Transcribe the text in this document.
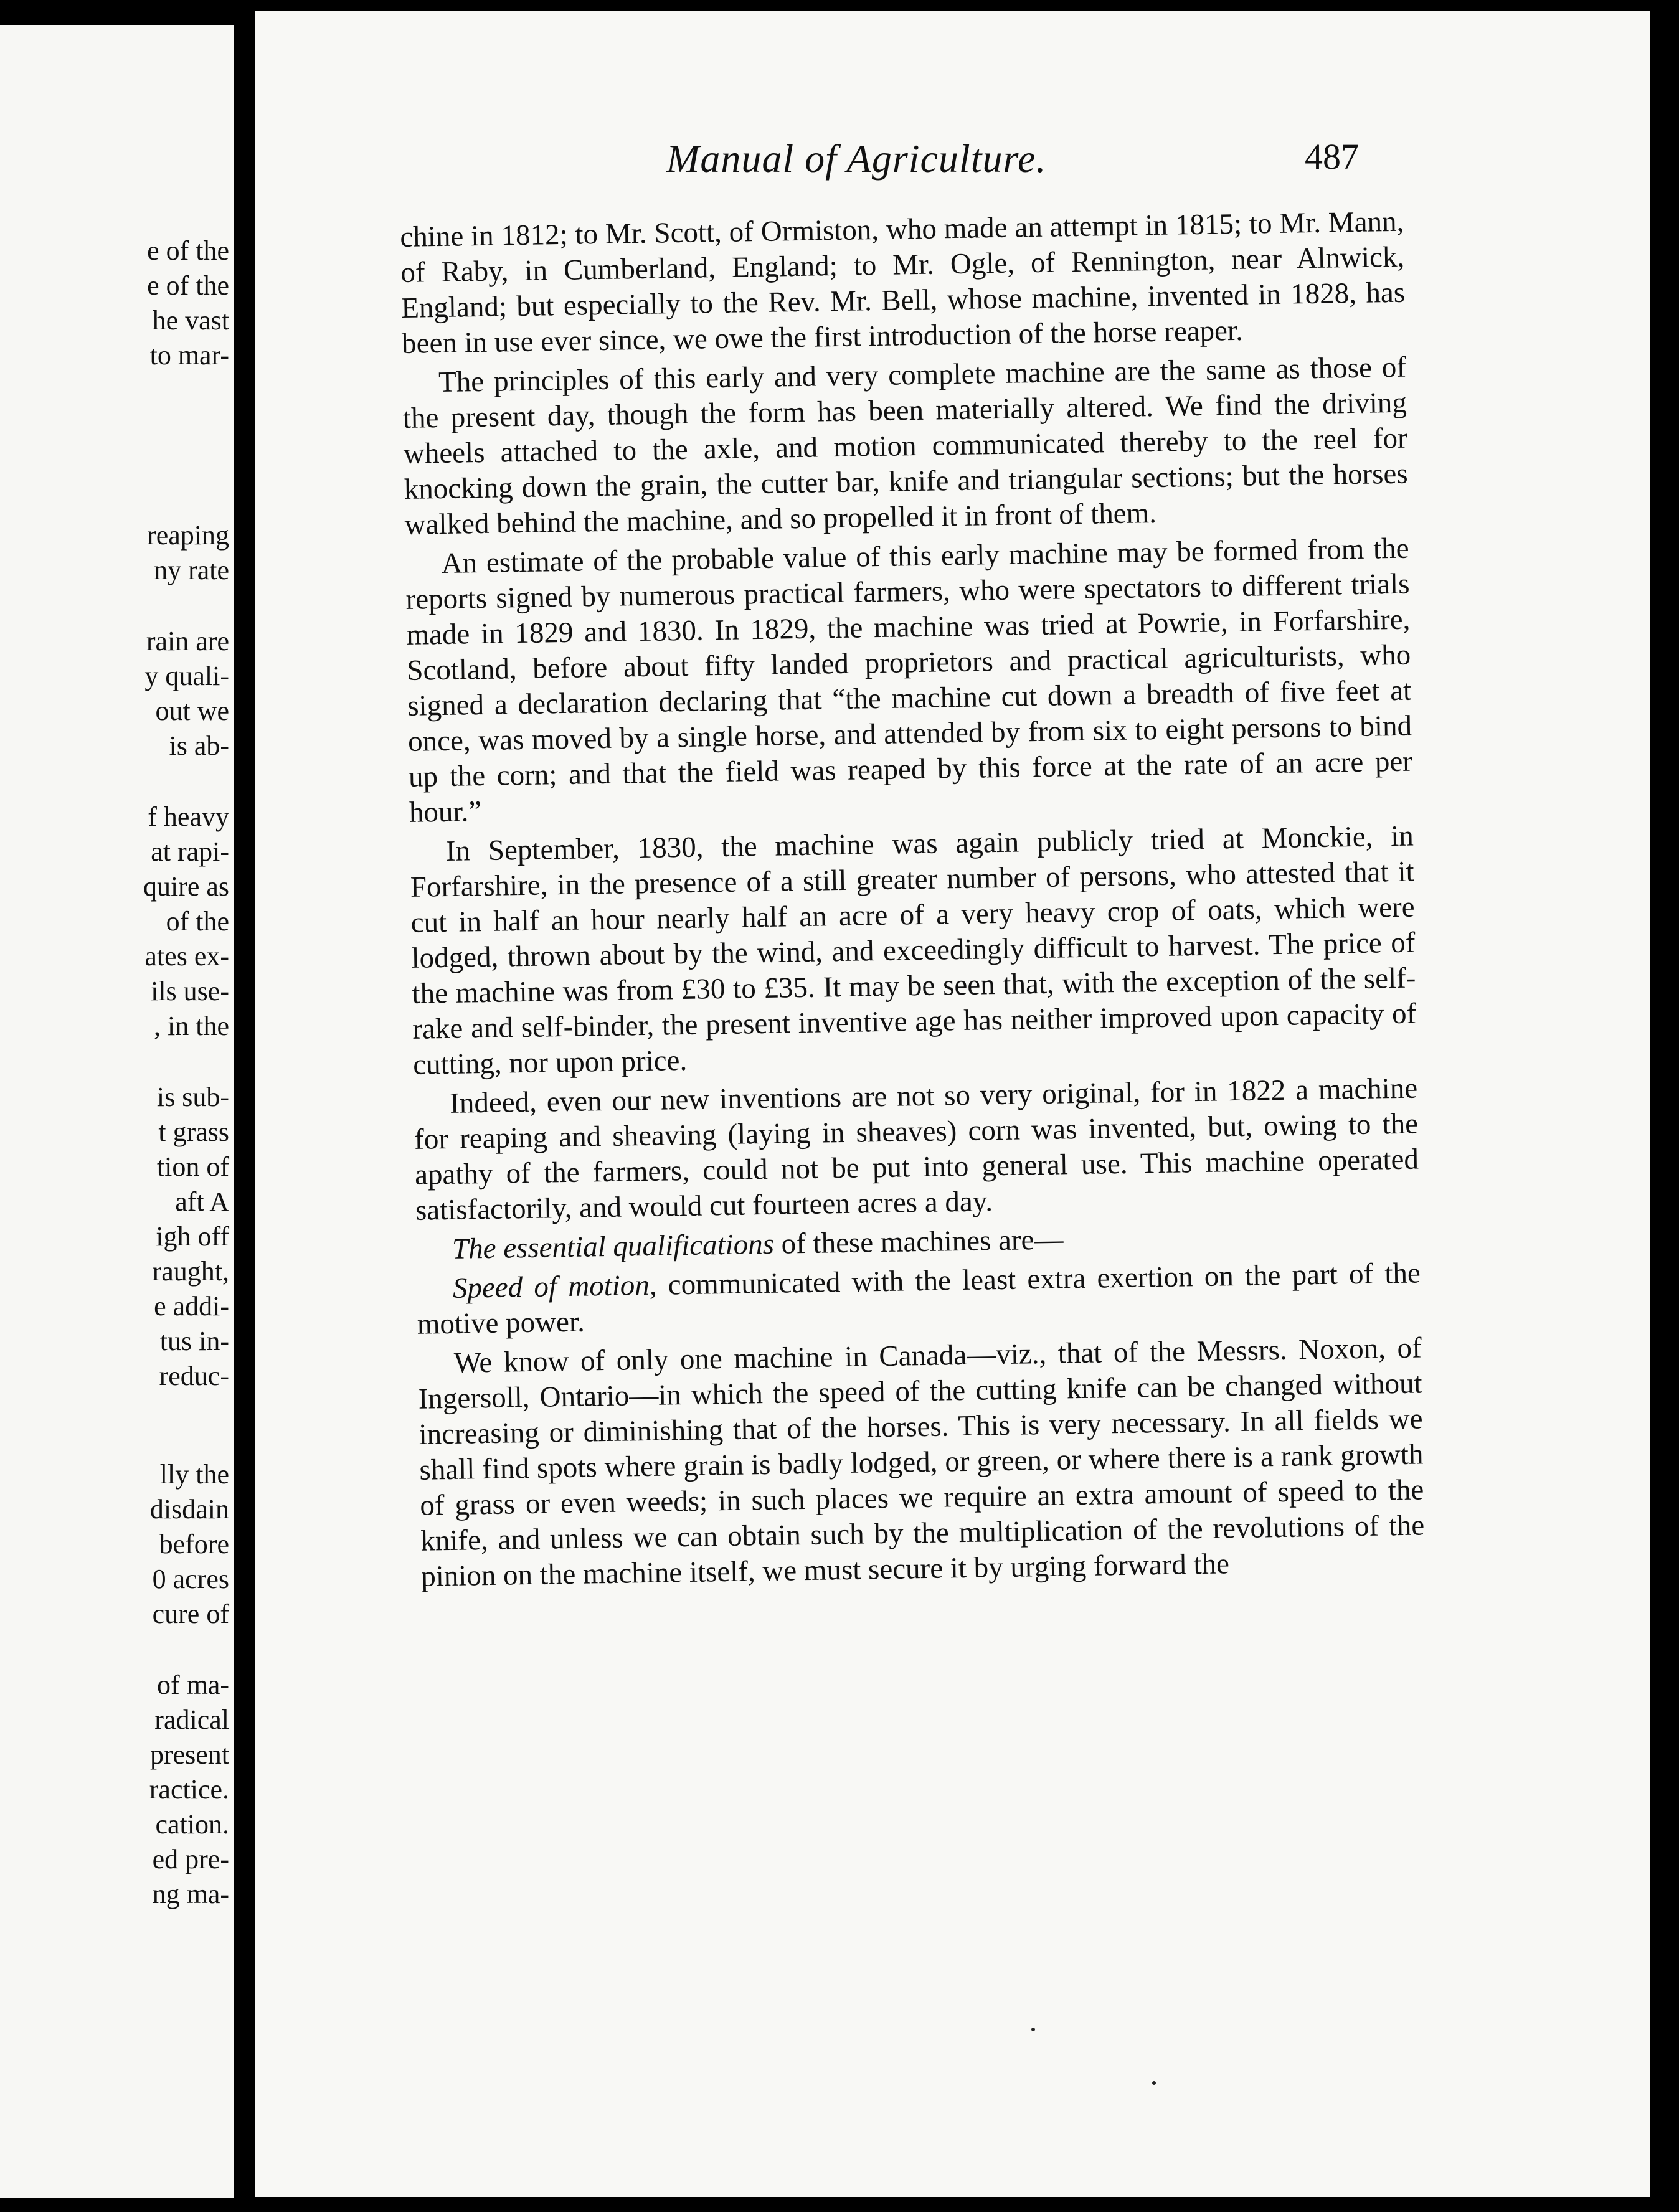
e of the
e of the
he vast
to mar-
reaping
ny rate
rain are
y quali-
out we
is ab-
f heavy
at rapi-
quire as
of the
ates ex-
ils use-
, in the
is sub-
t grass
tion of
aft A
igh off
raught,
e addi-
tus in-
reduc-
lly the
disdain
before
0 acres
cure of
of ma-
radical
present
ractice.
cation.
ed pre-
ng ma-
Manual of Agriculture.	487

chine in 1812; to Mr. Scott, of Ormiston, who made an attempt in 1815; to Mr. Mann, of Raby, in Cumberland, England; to Mr. Ogle, of Rennington, near Alnwick, England; but especially to the Rev. Mr. Bell, whose machine, invented in 1828, has been in use ever since, we owe the first introduction of the horse reaper.

The principles of this early and very complete machine are the same as those of the present day, though the form has been materially altered. We find the driving wheels attached to the axle, and motion communicated thereby to the reel for knocking down the grain, the cutter bar, knife and triangular sections; but the horses walked behind the machine, and so propelled it in front of them.

An estimate of the probable value of this early machine may be formed from the reports signed by numerous practical farmers, who were spectators to different trials made in 1829 and 1830. In 1829, the machine was tried at Powrie, in Forfarshire, Scotland, before about fifty landed proprietors and practical agriculturists, who signed a declaration declaring that “the machine cut down a breadth of five feet at once, was moved by a single horse, and attended by from six to eight persons to bind up the corn; and that the field was reaped by this force at the rate of an acre per hour.”

In September, 1830, the machine was again publicly tried at Monckie, in Forfarshire, in the presence of a still greater number of persons, who attested that it cut in half an hour nearly half an acre of a very heavy crop of oats, which were lodged, thrown about by the wind, and exceedingly difficult to harvest. The price of the machine was from £30 to £35. It may be seen that, with the exception of the self-rake and self-binder, the present inventive age has neither improved upon capacity of cutting, nor upon price.

Indeed, even our new inventions are not so very original, for in 1822 a machine for reaping and sheaving (laying in sheaves) corn was invented, but, owing to the apathy of the farmers, could not be put into general use. This machine operated satisfactorily, and would cut fourteen acres a day.

The essential qualifications of these machines are—

Speed of motion, communicated with the least extra exertion on the part of the motive power.

We know of only one machine in Canada—viz., that of the Messrs. Noxon, of Ingersoll, Ontario—in which the speed of the cutting knife can be changed without increasing or diminishing that of the horses. This is very necessary. In all fields we shall find spots where grain is badly lodged, or green, or where there is a rank growth of grass or even weeds; in such places we require an extra amount of speed to the knife, and unless we can obtain such by the multiplication of the revolutions of the pinion on the machine itself, we must secure it by urging forward the
